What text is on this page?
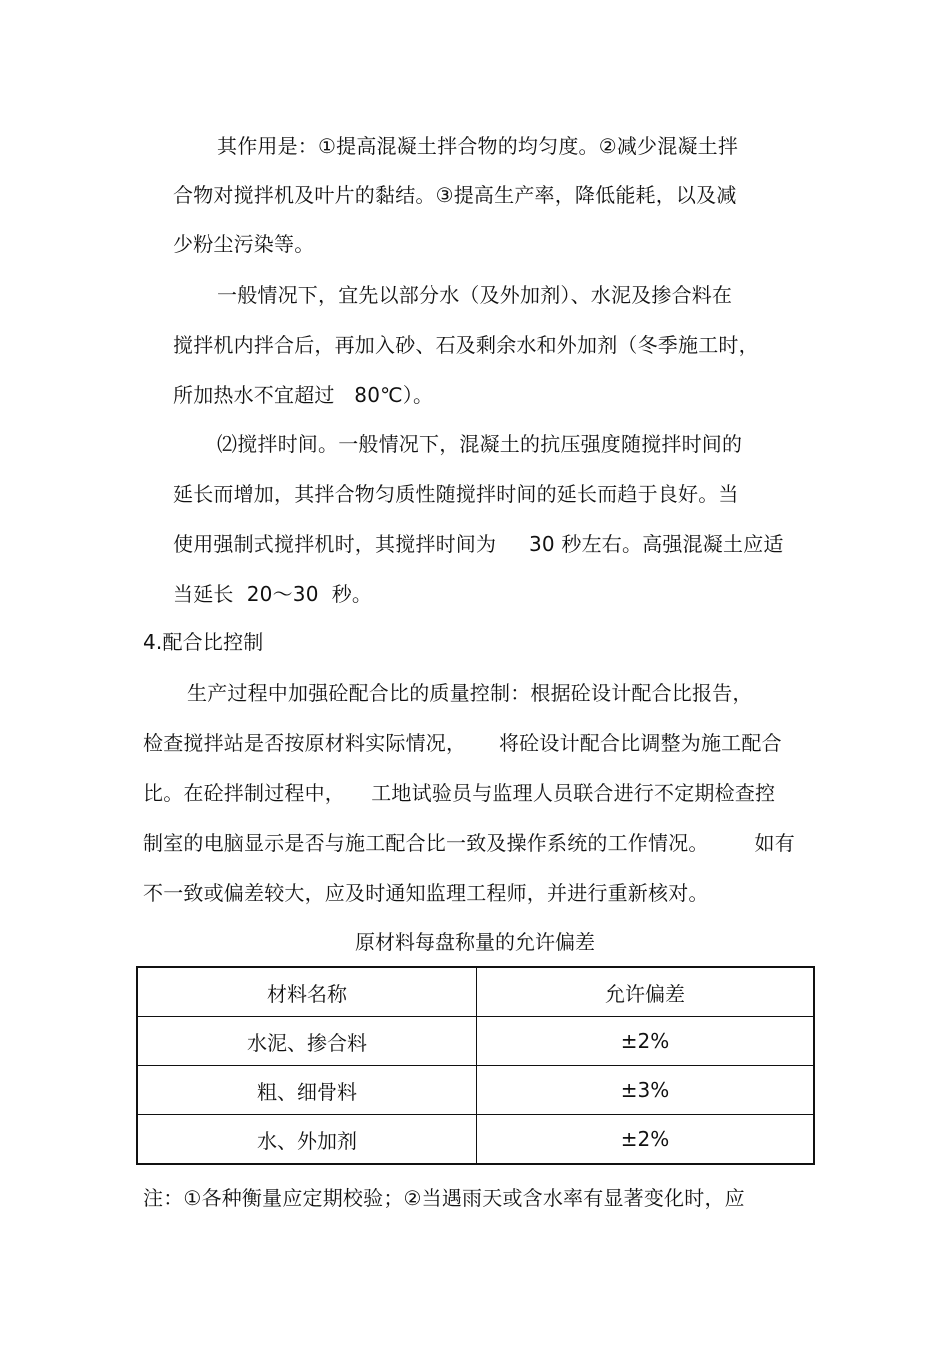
其作用是：①提高混凝土拌合物的均匀度。②减少混凝土拌
合物对搅拌机及叶片的黏结。③提高生产率，降低能耗，以及减
少粉尘污染等。
一般情况下，宜先以部分水（及外加剂）、水泥及掺合料在
搅拌机内拌合后，再加入砂、石及剩余水和外加剂（冬季施工时，
所加热水不宜超过   80℃）。
⑵搅拌时间。一般情况下，混凝土的抗压强度随搅拌时间的
延长而增加，其拌合物匀质性随搅拌时间的延长而趋于良好。当
使用强制式搅拌机时，其搅拌时间为     30 秒左右。高强混凝土应适
当延长  20～30  秒。
4.配合比控制
生产过程中加强砼配合比的质量控制：根据砼设计配合比报告，
检查搅拌站是否按原材料实际情况，     将砼设计配合比调整为施工配合
比。在砼拌制过程中，    工地试验员与监理人员联合进行不定期检查控
制室的电脑显示是否与施工配合比一致及操作系统的工作情况。       如有
不一致或偏差较大，应及时通知监理工程师，并进行重新核对。
原材料每盘称量的允许偏差
材料名称	允许偏差
水泥、掺合料	±2%
粗、细骨料	±3%
水、外加剂	±2%
注：①各种衡量应定期校验；②当遇雨天或含水率有显著变化时，应
